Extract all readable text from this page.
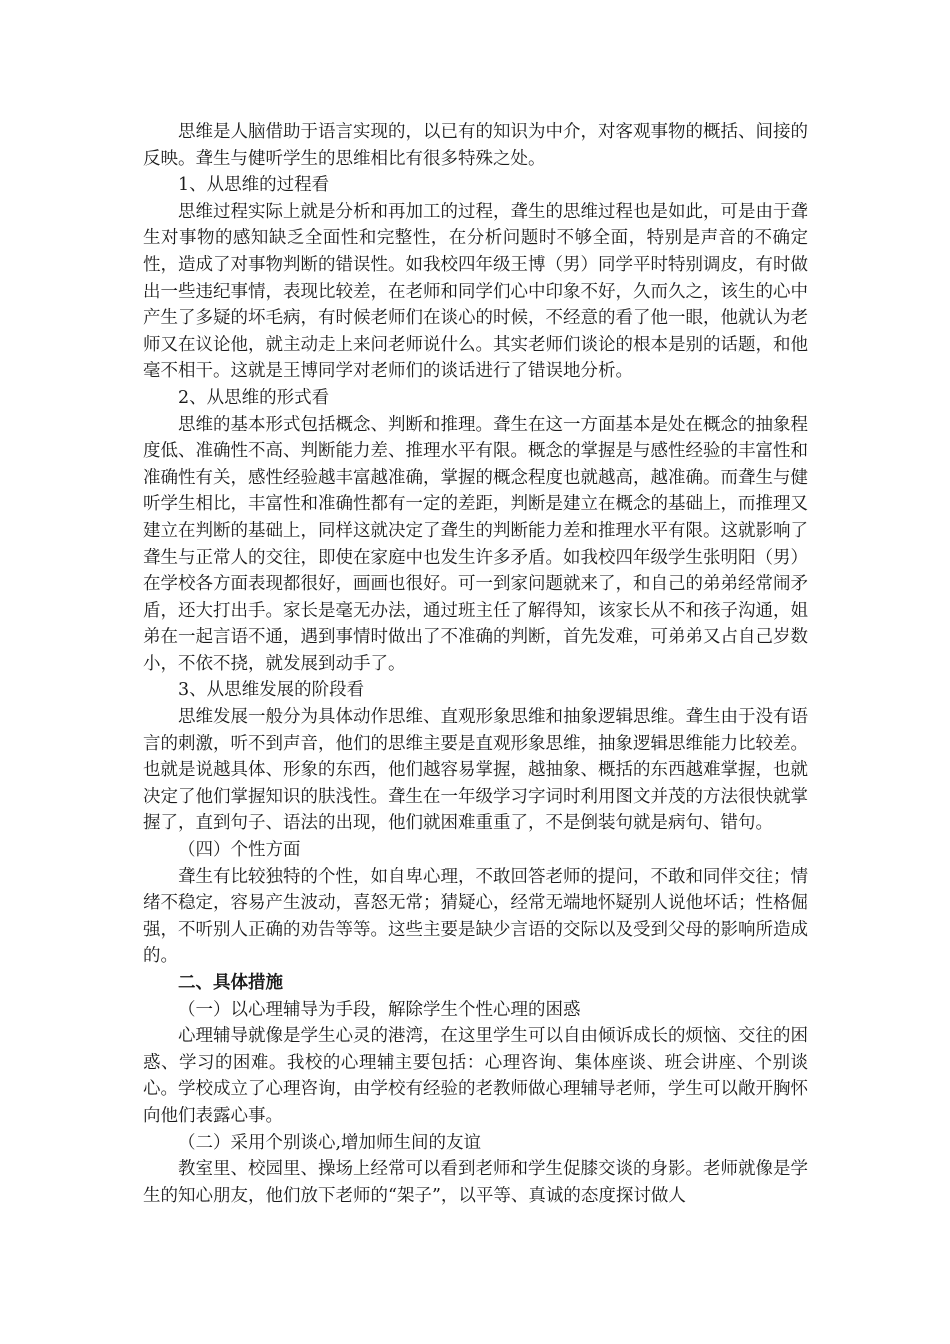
思维是人脑借助于语言实现的，以已有的知识为中介，对客观事物的概括、间接的反映。聋生与健听学生的思维相比有很多特殊之处。

1、从思维的过程看

思维过程实际上就是分析和再加工的过程，聋生的思维过程也是如此，可是由于聋生对事物的感知缺乏全面性和完整性，在分析问题时不够全面，特别是声音的不确定性，造成了对事物判断的错误性。如我校四年级王博（男）同学平时特别调皮，有时做出一些违纪事情，表现比较差，在老师和同学们心中印象不好，久而久之，该生的心中产生了多疑的坏毛病，有时候老师们在谈心的时候，不经意的看了他一眼，他就认为老师又在议论他，就主动走上来问老师说什么。其实老师们谈论的根本是别的话题，和他毫不相干。这就是王博同学对老师们的谈话进行了错误地分析。

2、从思维的形式看

思维的基本形式包括概念、判断和推理。聋生在这一方面基本是处在概念的抽象程度低、准确性不高、判断能力差、推理水平有限。概念的掌握是与感性经验的丰富性和准确性有关，感性经验越丰富越准确，掌握的概念程度也就越高，越准确。而聋生与健听学生相比，丰富性和准确性都有一定的差距，判断是建立在概念的基础上，而推理又建立在判断的基础上，同样这就决定了聋生的判断能力差和推理水平有限。这就影响了聋生与正常人的交往，即使在家庭中也发生许多矛盾。如我校四年级学生张明阳（男）在学校各方面表现都很好，画画也很好。可一到家问题就来了，和自己的弟弟经常闹矛盾，还大打出手。家长是毫无办法，通过班主任了解得知，该家长从不和孩子沟通，姐弟在一起言语不通，遇到事情时做出了不准确的判断，首先发难，可弟弟又占自己岁数小，不依不挠，就发展到动手了。

3、从思维发展的阶段看

思维发展一般分为具体动作思维、直观形象思维和抽象逻辑思维。聋生由于没有语言的刺激，听不到声音，他们的思维主要是直观形象思维，抽象逻辑思维能力比较差。也就是说越具体、形象的东西，他们越容易掌握，越抽象、概括的东西越难掌握，也就决定了他们掌握知识的肤浅性。聋生在一年级学习字词时利用图文并茂的方法很快就掌握了，直到句子、语法的出现，他们就困难重重了，不是倒装句就是病句、错句。

（四）个性方面

聋生有比较独特的个性，如自卑心理，不敢回答老师的提问，不敢和同伴交往；情绪不稳定，容易产生波动，喜怒无常；猜疑心，经常无端地怀疑别人说他坏话；性格倔强，不听别人正确的劝告等等。这些主要是缺少言语的交际以及受到父母的影响所造成的。

二、具体措施

（一）以心理辅导为手段，解除学生个性心理的困惑

心理辅导就像是学生心灵的港湾，在这里学生可以自由倾诉成长的烦恼、交往的困惑、学习的困难。我校的心理辅主要包括：心理咨询、集体座谈、班会讲座、个别谈心。学校成立了心理咨询，由学校有经验的老教师做心理辅导老师，学生可以敞开胸怀向他们表露心事。

（二）采用个别谈心,增加师生间的友谊

教室里、校园里、操场上经常可以看到老师和学生促膝交谈的身影。老师就像是学生的知心朋友，他们放下老师的“架子”，以平等、真诚的态度探讨做人
